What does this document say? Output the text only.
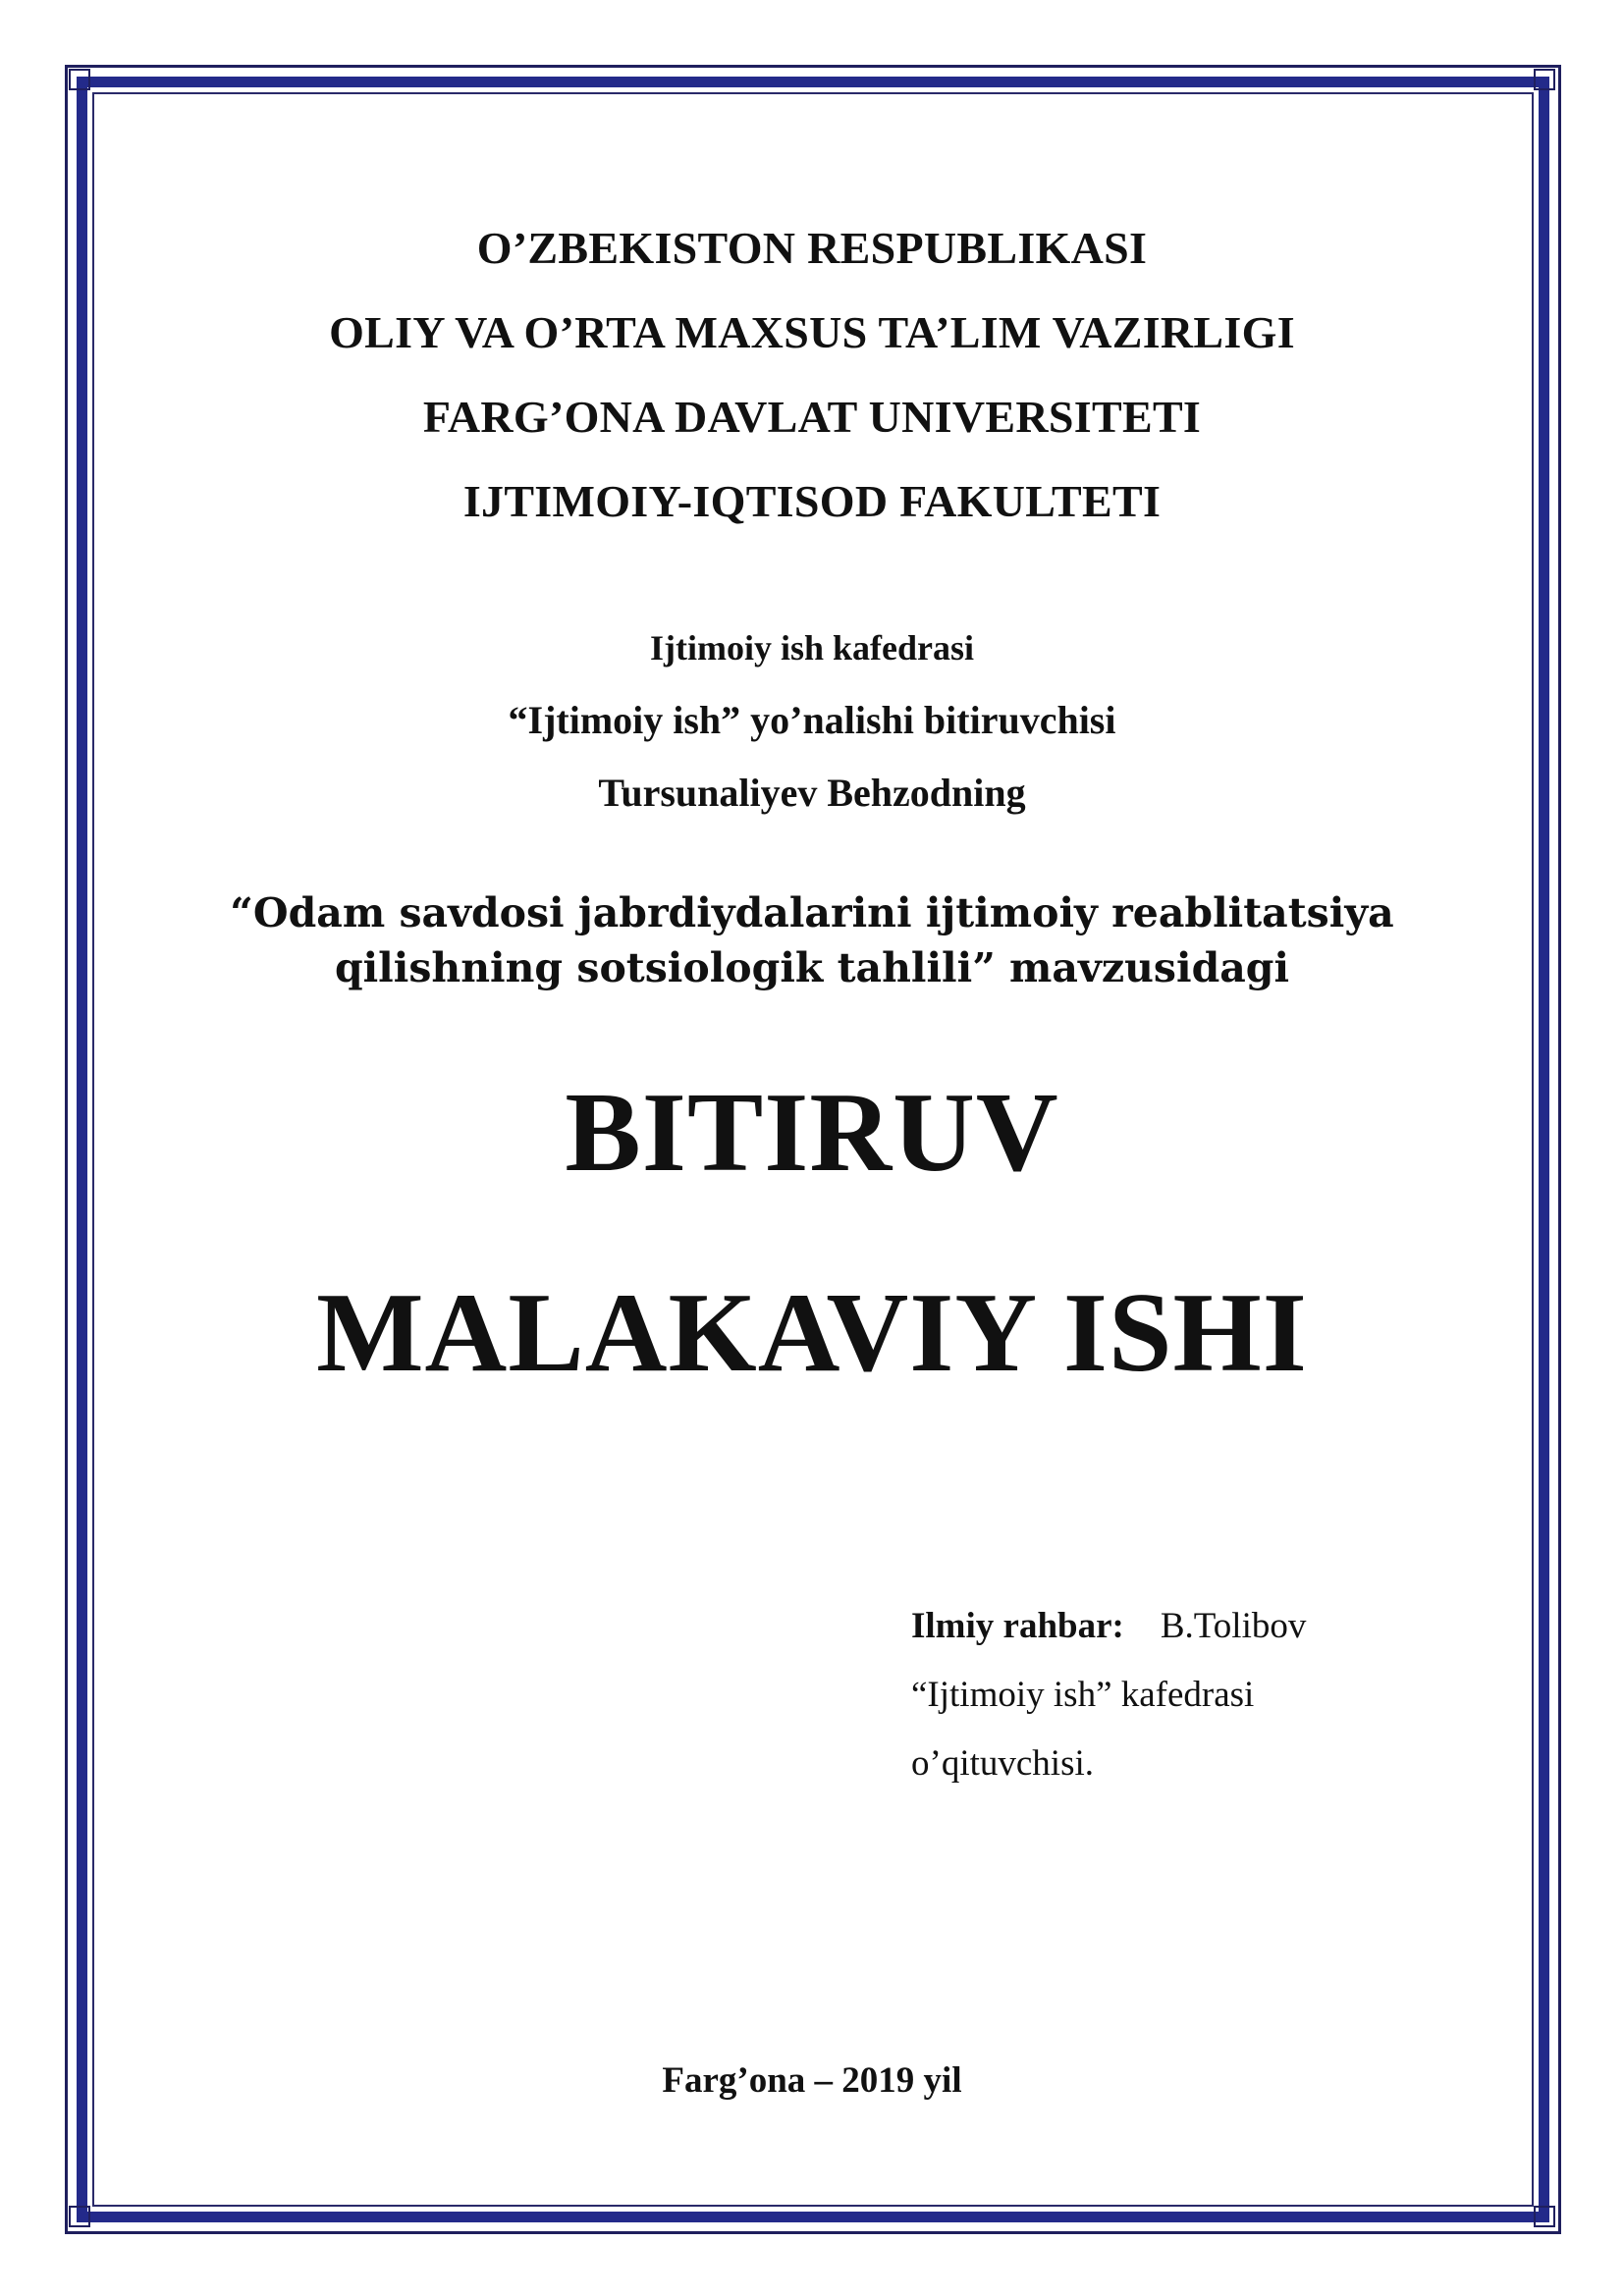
O’ZBEKISTON RESPUBLIKASI
OLIY VA O’RTA MAXSUS TA’LIM VAZIRLIGI
FARG’ONA DAVLAT UNIVERSITETI
IJTIMOIY-IQTISOD FAKULTETI
Ijtimoiy ish kafedrasi
“Ijtimoiy ish” yo’nalishi bitiruvchisi
Tursunaliyev Behzodning
“Odam savdosi jabrdiydalarini ijtimoiy reablitatsiya
qilishning sotsiologik tahlili” mavzusidagi
BITIRUV
MALAKAVIY ISHI
Ilmiy rahbar: B.Tolibov
“Ijtimoiy ish” kafedrasi
o’qituvchisi.
Farg’ona – 2019 yil
